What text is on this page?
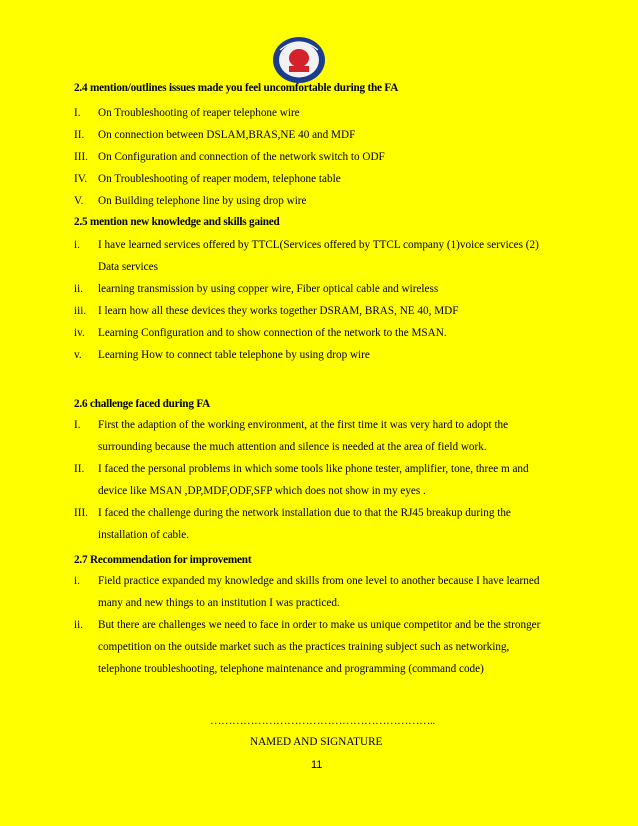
2.4 mention/outlines issues made you feel uncomfortable during the FA

I. On Troubleshooting of reaper telephone wire
II. On connection between DSLAM,BRAS,NE 40 and MDF
III. On Configuration and connection of the network switch to ODF
IV. On Troubleshooting of reaper modem, telephone table
V. On Building telephone line by using drop wire

2.5 mention new knowledge and skills gained

i. I have learned services offered by TTCL(Services offered by TTCL company (1)voice services (2)
Data services
ii. learning transmission by using copper wire, Fiber optical cable and wireless
iii. I learn how all these devices they works together DSRAM, BRAS, NE 40, MDF
iv. Learning Configuration and to show connection of the network to the MSAN.
v. Learning How to connect table telephone by using drop wire

2.6 challenge faced during FA

I. First the adaption of the working environment, at the first time it was very hard to adopt the
surrounding because the much attention and silence is needed at the area of field work.
II. I faced the personal problems in which some tools like phone tester, amplifier, tone, three m and
device like MSAN ,DP,MDF,ODF,SFP which does not show in my eyes .
III. I faced the challenge during the network installation due to that the RJ45 breakup during the
installation of cable.

2.7 Recommendation for improvement

i. Field practice expanded my knowledge and skills from one level to another because I have learned
many and new things to an institution I was practiced.
ii. But there are challenges we need to face in order to make us unique competitor and be the stronger
competition on the outside market such as the practices training subject such as networking,
telephone troubleshooting, telephone maintenance and programming (command code)
……………………………………………………..
NAMED AND SIGNATURE
11
